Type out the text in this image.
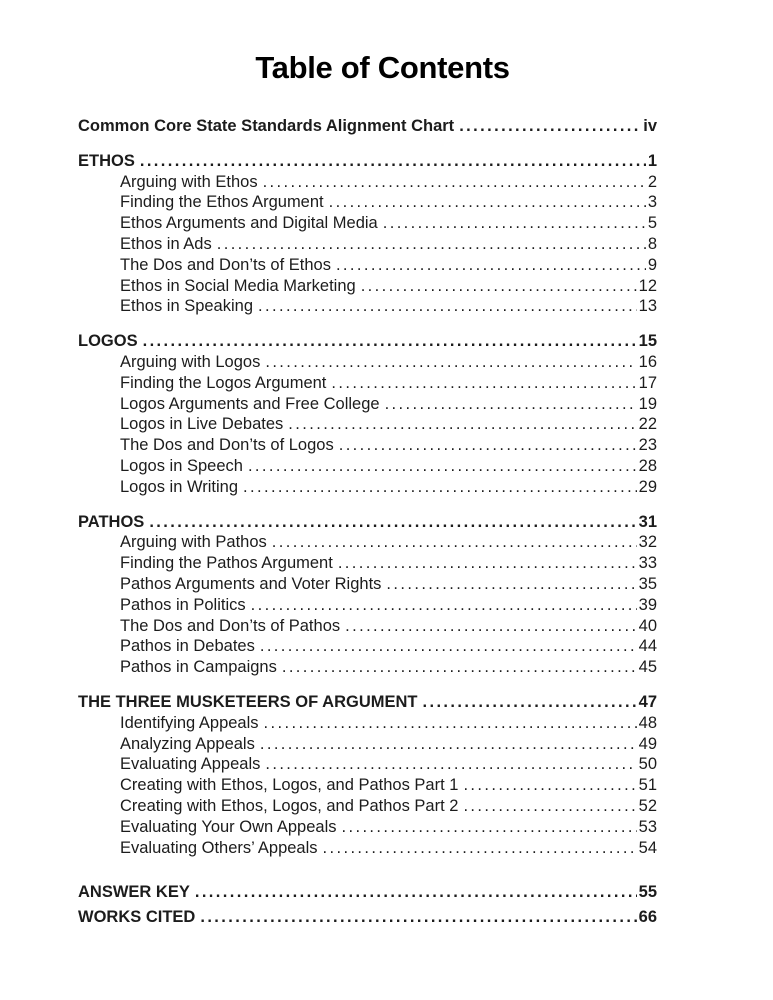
Table of Contents
Common Core State Standards Alignment Chart .....	iv
ETHOS .....	1
Arguing with Ethos .....	2
Finding the Ethos Argument .....	3
Ethos Arguments and Digital Media .....	5
Ethos in Ads .....	8
The Dos and Don’ts of Ethos .....	9
Ethos in Social Media Marketing .....	12
Ethos in Speaking .....	13
LOGOS .....	15
Arguing with Logos .....	16
Finding the Logos Argument .....	17
Logos Arguments and Free College .....	19
Logos in Live Debates .....	22
The Dos and Don’ts of Logos .....	23
Logos in Speech .....	28
Logos in Writing .....	29
PATHOS .....	31
Arguing with Pathos .....	32
Finding the Pathos Argument .....	33
Pathos Arguments and Voter Rights .....	35
Pathos in Politics .....	39
The Dos and Don’ts of Pathos .....	40
Pathos in Debates .....	44
Pathos in Campaigns .....	45
THE THREE MUSKETEERS OF ARGUMENT .....	47
Identifying Appeals .....	48
Analyzing Appeals .....	49
Evaluating Appeals .....	50
Creating with Ethos, Logos, and Pathos Part 1 .....	51
Creating with Ethos, Logos, and Pathos Part 2 .....	52
Evaluating Your Own Appeals .....	53
Evaluating Others’ Appeals .....	54
ANSWER KEY .....	55
WORKS CITED .....	66
